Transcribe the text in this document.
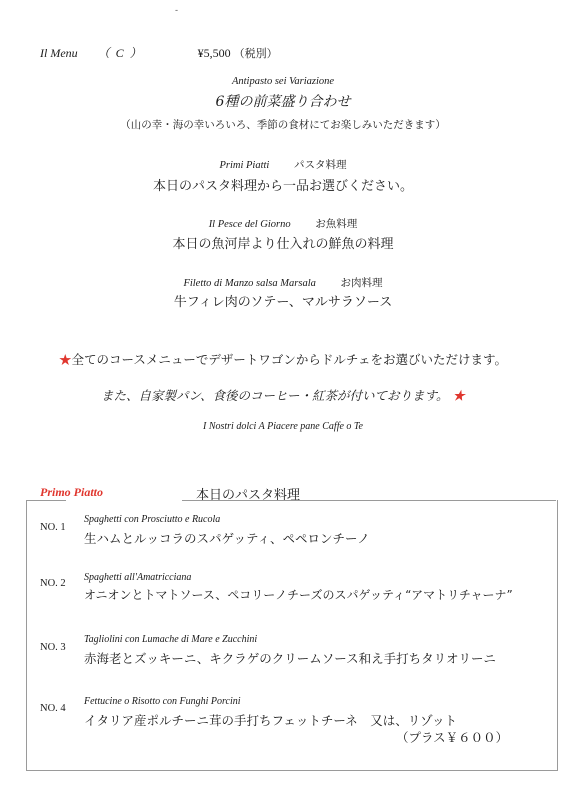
-
Il Menu （C）	¥5,500 （税別）
Antipasto sei Variazione
6種の前菜盛り合わせ
（山の幸・海の幸いろいろ、季節の食材にてお楽しみいただきます）
Primi Piatti パスタ料理
本日のパスタ料理から一品お選びください。
Il Pesce del Giorno お魚料理
本日の魚河岸より仕入れの鮮魚の料理
Filetto di Manzo salsa Marsala お肉料理
牛フィレ肉のソテー、マルサラソース
★全てのコースメニューでデザートワゴンからドルチェをお選びいただけます。
また、自家製パン、食後のコーヒー・紅茶が付いております。 ★
I Nostri dolci A Piacere pane Caffe o Te
Primo Piatto	本日のパスタ料理
NO. 1
Spaghetti con Prosciutto e Rucola
生ハムとルッコラのスパゲッティ、ペペロンチーノ
NO. 2
Spaghetti all'Amatricciana
オニオンとトマトソース、ペコリーノチーズのスパゲッティ“アマトリチャーナ”
NO. 3
Tagliolini con Lumache di Mare e Zucchini
赤海老とズッキーニ、キクラゲのクリームソース和え手打ちタリオリーニ
NO. 4
Fettucine o Risotto con Funghi Porcini
イタリア産ポルチーニ茸の手打ちフェットチーネ　又は、リゾット
（プラス￥６００）
